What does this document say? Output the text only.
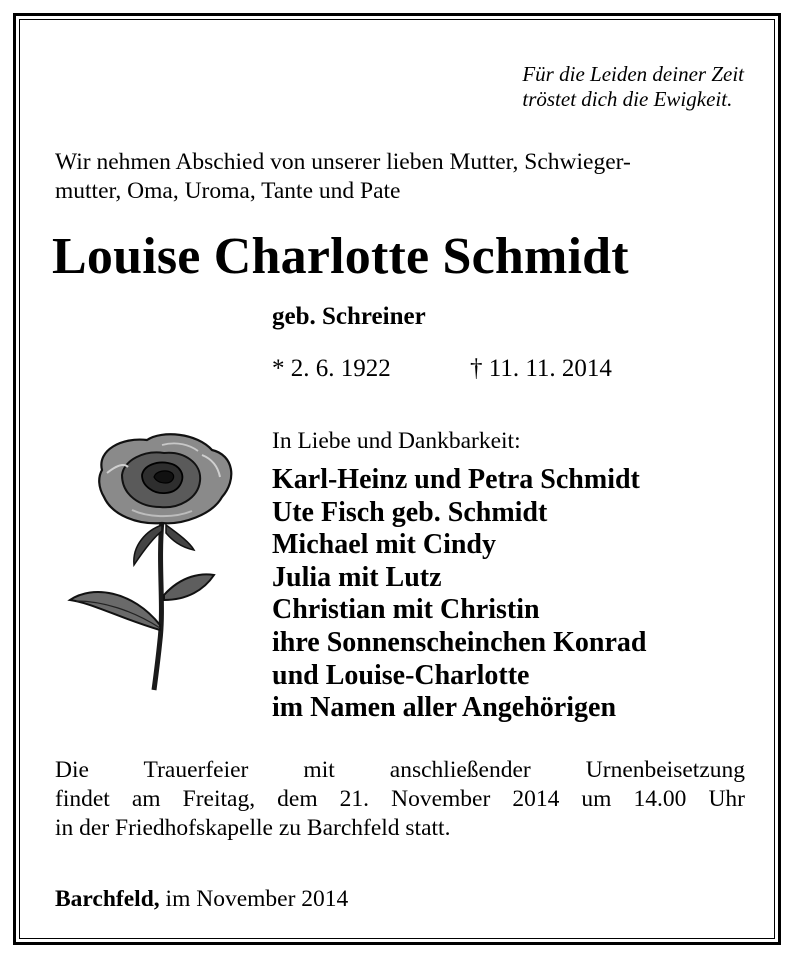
Für die Leiden deiner Zeit
tröstet dich die Ewigkeit.
Wir nehmen Abschied von unserer lieben Mutter, Schwieger-
mutter, Oma, Uroma, Tante und Pate
Louise Charlotte Schmidt
geb. Schreiner
* 2. 6. 1922	† 11. 11. 2014
In Liebe und Dankbarkeit:
Karl-Heinz und Petra Schmidt
Ute Fisch geb. Schmidt
Michael mit Cindy
Julia mit Lutz
Christian mit Christin
ihre Sonnenscheinchen Konrad
und Louise-Charlotte
im Namen aller Angehörigen
Die Trauerfeier mit anschließender Urnenbeisetzung
findet am Freitag, dem 21. November 2014 um 14.00 Uhr
in der Friedhofskapelle zu Barchfeld statt.
Barchfeld, im November 2014
